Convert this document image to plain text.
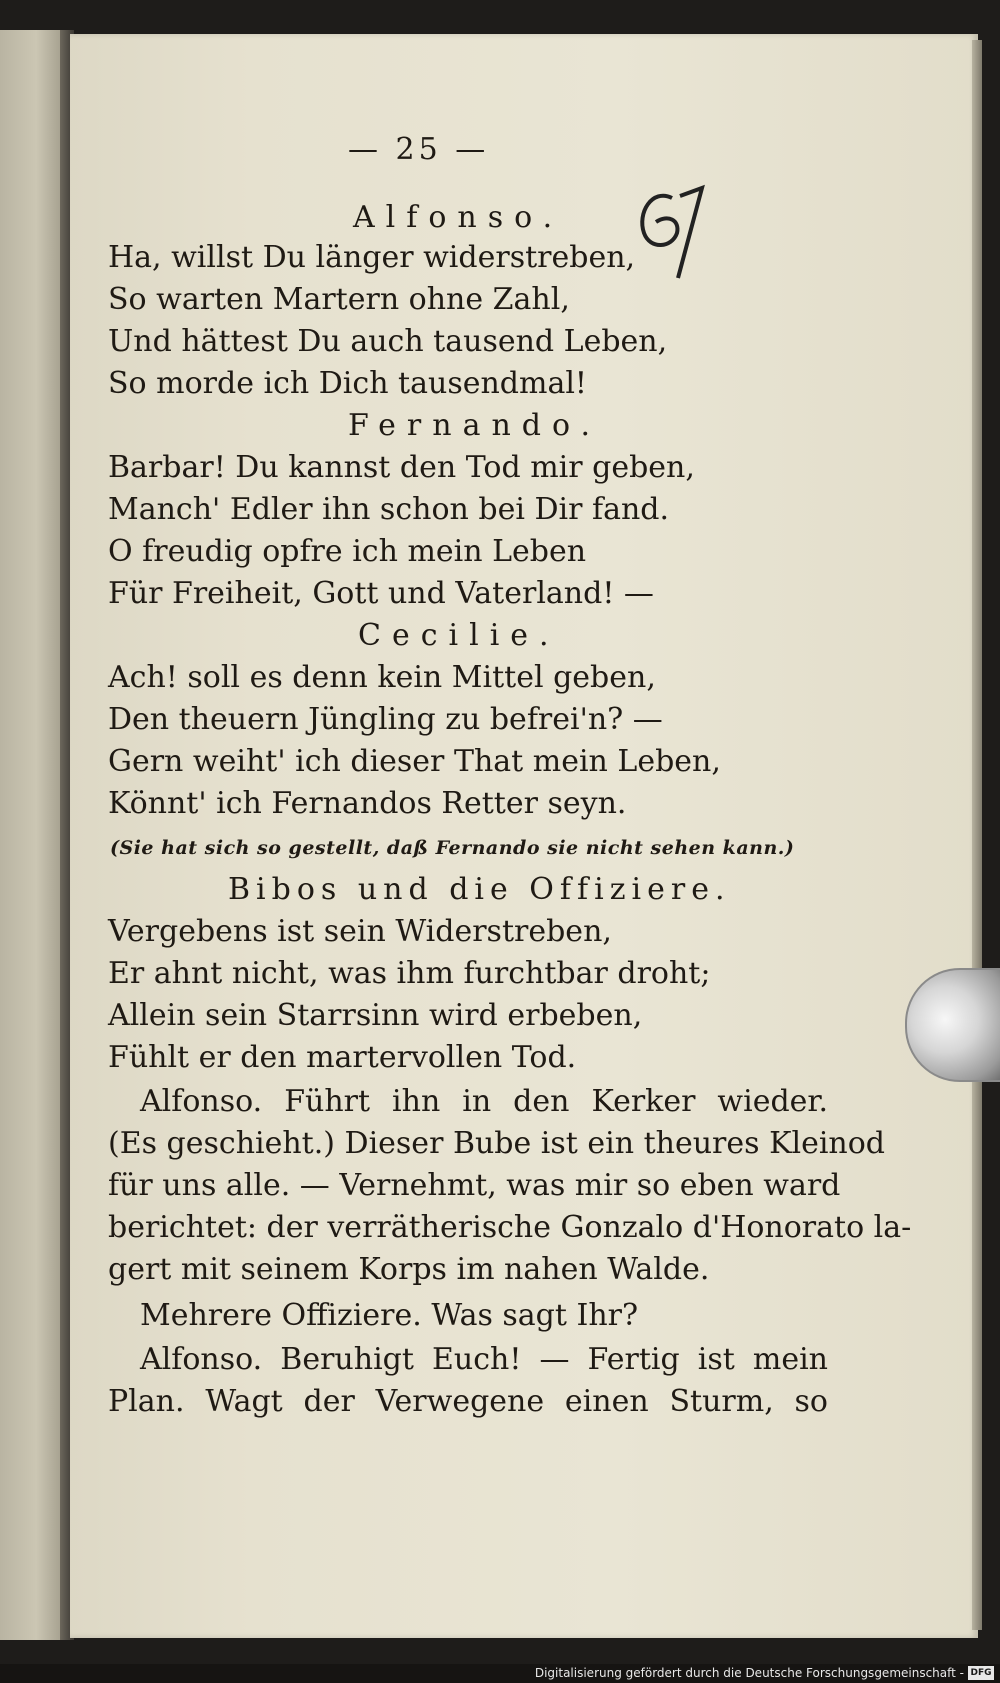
61
— 25 —
Alfonso.
Ha, willst Du länger widerstreben,
So warten Martern ohne Zahl,
Und hättest Du auch tausend Leben,
So morde ich Dich tausendmal!
Fernando.
Barbar! Du kannst den Tod mir geben,
Manch' Edler ihn schon bei Dir fand.
O freudig opfre ich mein Leben
Für Freiheit, Gott und Vaterland! —
Cecilie.
Ach! soll es denn kein Mittel geben,
Den theuern Jüngling zu befrei'n? —
Gern weiht' ich dieser That mein Leben,
Könnt' ich Fernandos Retter seyn.
(Sie hat sich so gestellt, daß Fernando sie nicht sehen kann.)
Bibos und die Offiziere.
Vergebens ist sein Widerstreben,
Er ahnt nicht, was ihm furchtbar droht;
Allein sein Starrsinn wird erbeben,
Fühlt er den martervollen Tod.
Alfonso. Führt ihn in den Kerker wieder.
(Es geschieht.) Dieser Bube ist ein theures Kleinod
für uns alle. — Vernehmt, was mir so eben ward
berichtet: der verrätherische Gonzalo d'Honorato la-
gert mit seinem Korps im nahen Walde.
Mehrere Offiziere. Was sagt Ihr?
Alfonso. Beruhigt Euch! — Fertig ist mein
Plan. Wagt der Verwegene einen Sturm, so
Digitalisierung gefördert durch die Deutsche Forschungsgemeinschaft - DFG
